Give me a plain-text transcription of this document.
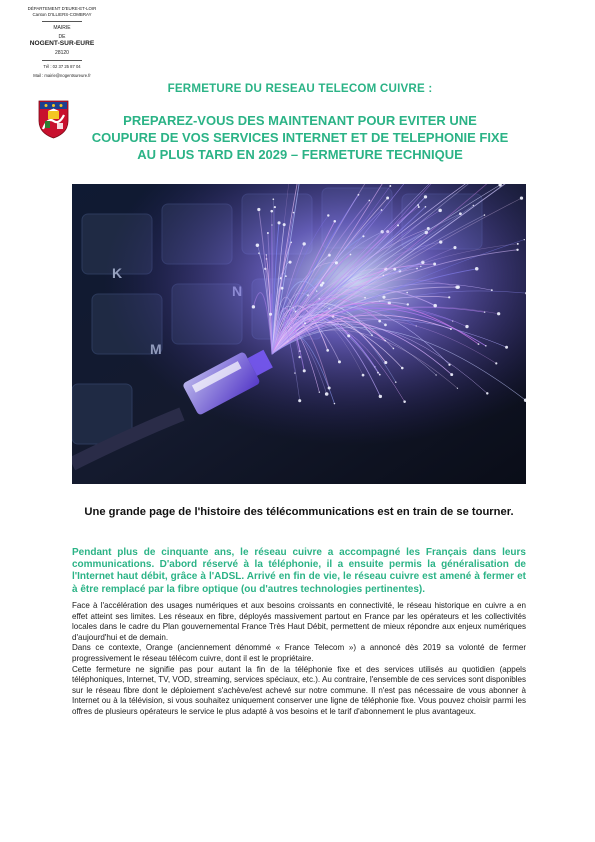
DÉPARTEMENT D'EURE-ET-LOIR
Canton D'ILLIERS-COMBRAY
MAIRIE
DE
NOGENT-SUR-EURE
28120
Tél : 02 37 25 87 04
Mail : mairie@nogentsureure.fr
FERMETURE DU RESEAU TELECOM CUIVRE :
PREPAREZ-VOUS DES MAINTENANT POUR EVITER UNE
COUPURE DE VOS SERVICES INTERNET ET DE TELEPHONIE FIXE
AU PLUS TARD EN 2029 – FERMETURE TECHNIQUE
Une grande page de l'histoire des télécommunications est en train de se tourner.
Pendant plus de cinquante ans, le réseau cuivre a accompagné les Français dans leurs communications. D'abord réservé à la téléphonie, il a ensuite permis la généralisation de l'Internet haut débit, grâce à l'ADSL. Arrivé en fin de vie, le réseau cuivre est amené à fermer et à être remplacé par la fibre optique (ou d'autres technologies pertinentes).

Face à l'accélération des usages numériques et aux besoins croissants en connectivité, le réseau historique en cuivre a en effet atteint ses limites. Les réseaux en fibre, déployés massivement partout en France par les opérateurs et les collectivités locales dans le cadre du Plan gouvernemental France Très Haut Débit, permettent de mieux répondre aux enjeux numériques d'aujourd'hui et de demain.

Dans ce contexte, Orange (anciennement dénommé « France Telecom ») a annoncé dès 2019 sa volonté de fermer progressivement le réseau télécom cuivre, dont il est le propriétaire.

Cette fermeture ne signifie pas pour autant la fin de la téléphonie fixe et des services utilisés au quotidien (appels téléphoniques, Internet, TV, VOD, streaming, services spéciaux, etc.). Au contraire, l'ensemble de ces services sont disponibles sur le réseau fibre dont le déploiement s'achève/est achevé sur notre commune. Il n'est pas nécessaire de vous abonner à Internet ou à la télévision, si vous souhaitez uniquement conserver une ligne de téléphonie fixe. Vous pouvez choisir parmi les offres de plusieurs opérateurs le service le plus adapté à vos besoins et le tarif d'abonnement le plus avantageux.
